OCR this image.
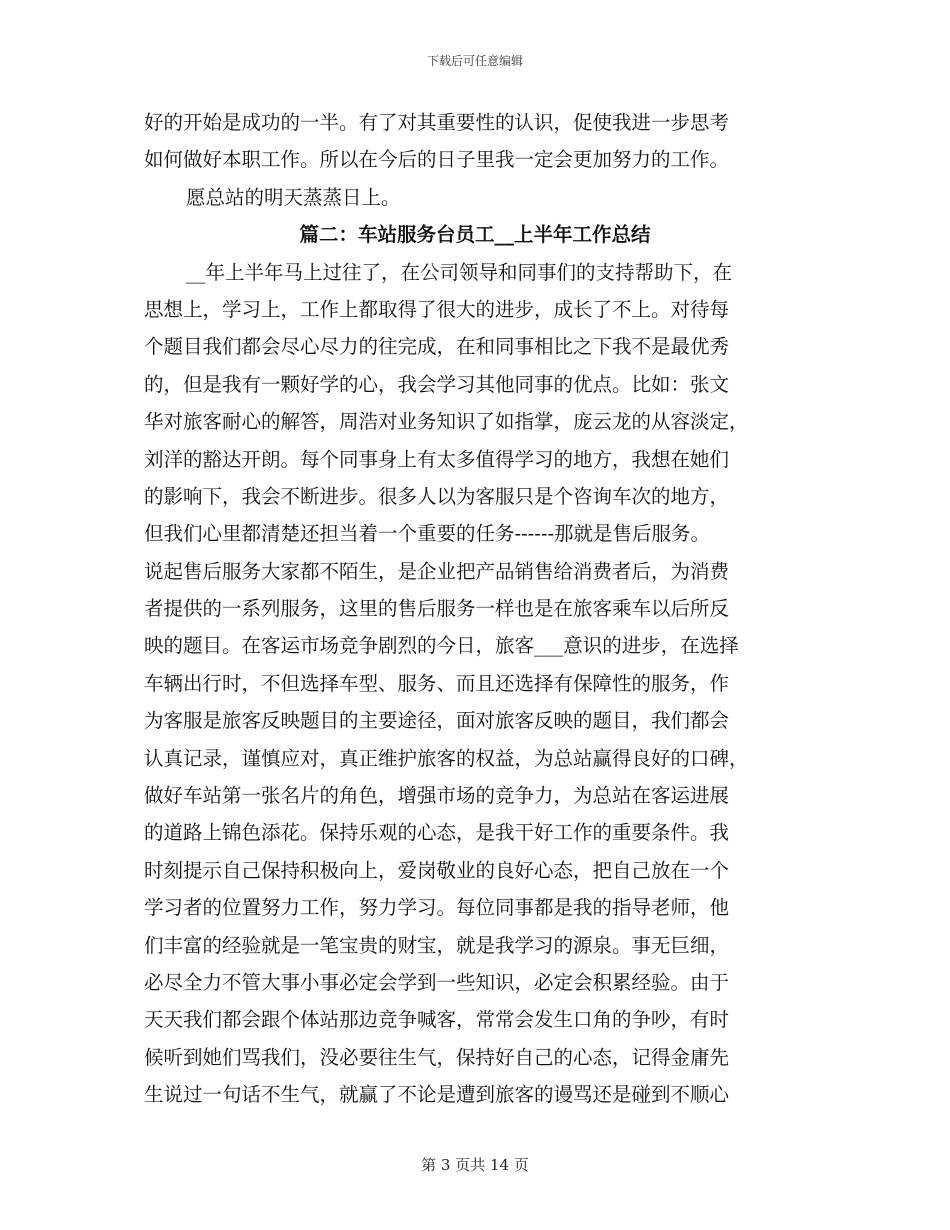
下载后可任意编辑
好的开始是成功的一半。有了对其重要性的认识，促使我进一步思考
如何做好本职工作。所以在今后的日子里我一定会更加努力的工作。
愿总站的明天蒸蒸日上。
篇二：车站服务台员工__上半年工作总结
__年上半年马上过往了，在公司领导和同事们的支持帮助下，在
思想上，学习上，工作上都取得了很大的进步，成长了不上。对待每
个题目我们都会尽心尽力的往完成，在和同事相比之下我不是最优秀
的，但是我有一颗好学的心，我会学习其他同事的优点。比如：张文
华对旅客耐心的解答，周浩对业务知识了如指掌，庞云龙的从容淡定，
刘洋的豁达开朗。每个同事身上有太多值得学习的地方，我想在她们
的影响下，我会不断进步。很多人以为客服只是个咨询车次的地方，
但我们心里都清楚还担当着一个重要的任务------那就是售后服务。
说起售后服务大家都不陌生，是企业把产品销售给消费者后，为消费
者提供的一系列服务，这里的售后服务一样也是在旅客乘车以后所反
映的题目。在客运市场竞争剧烈的今日，旅客___意识的进步，在选择
车辆出行时，不但选择车型、服务、而且还选择有保障性的服务，作
为客服是旅客反映题目的主要途径，面对旅客反映的题目，我们都会
认真记录，谨慎应对，真正维护旅客的权益，为总站赢得良好的口碑，
做好车站第一张名片的角色，增强市场的竞争力，为总站在客运进展
的道路上锦色添花。保持乐观的心态，是我干好工作的重要条件。我
时刻提示自己保持积极向上，爱岗敬业的良好心态，把自己放在一个
学习者的位置努力工作，努力学习。每位同事都是我的指导老师，他
们丰富的经验就是一笔宝贵的财宝，就是我学习的源泉。事无巨细，
必尽全力不管大事小事必定会学到一些知识，必定会积累经验。由于
天天我们都会跟个体站那边竞争喊客，常常会发生口角的争吵，有时
候听到她们骂我们，没必要往生气，保持好自己的心态，记得金庸先
生说过一句话不生气，就赢了不论是遭到旅客的谩骂还是碰到不顺心
第 3 页共 14 页
